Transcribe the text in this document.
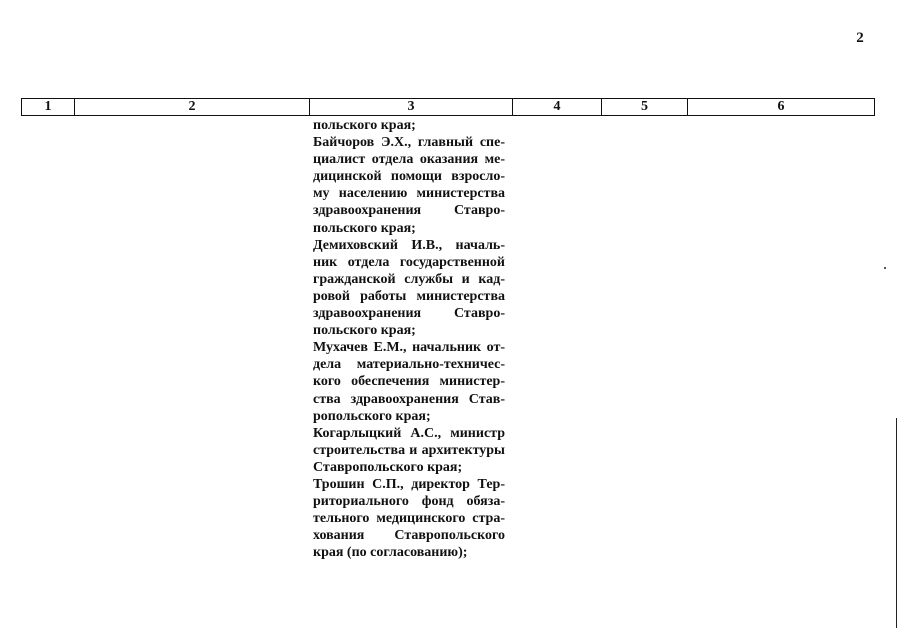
2
1	2	3	4	5	6
польского края;
Байчоров Э.Х., главный спе-
циалист отдела оказания ме-
дицинской помощи взросло-
му населению министерства
здравоохранения Ставро-
польского края;
Демиховский И.В., началь-
ник отдела государственной
гражданской службы и кад-
ровой работы министерства
здравоохранения Ставро-
польского края;
Мухачев Е.М., начальник от-
дела материально-техничес-
кого обеспечения министер-
ства здравоохранения Став-
ропольского края;
Когарлыцкий А.С., министр
строительства и архитектуры
Ставропольского края;
Трошин С.П., директор Тер-
риториального фонд обяза-
тельного медицинского стра-
хования Ставропольского
края (по согласованию);
